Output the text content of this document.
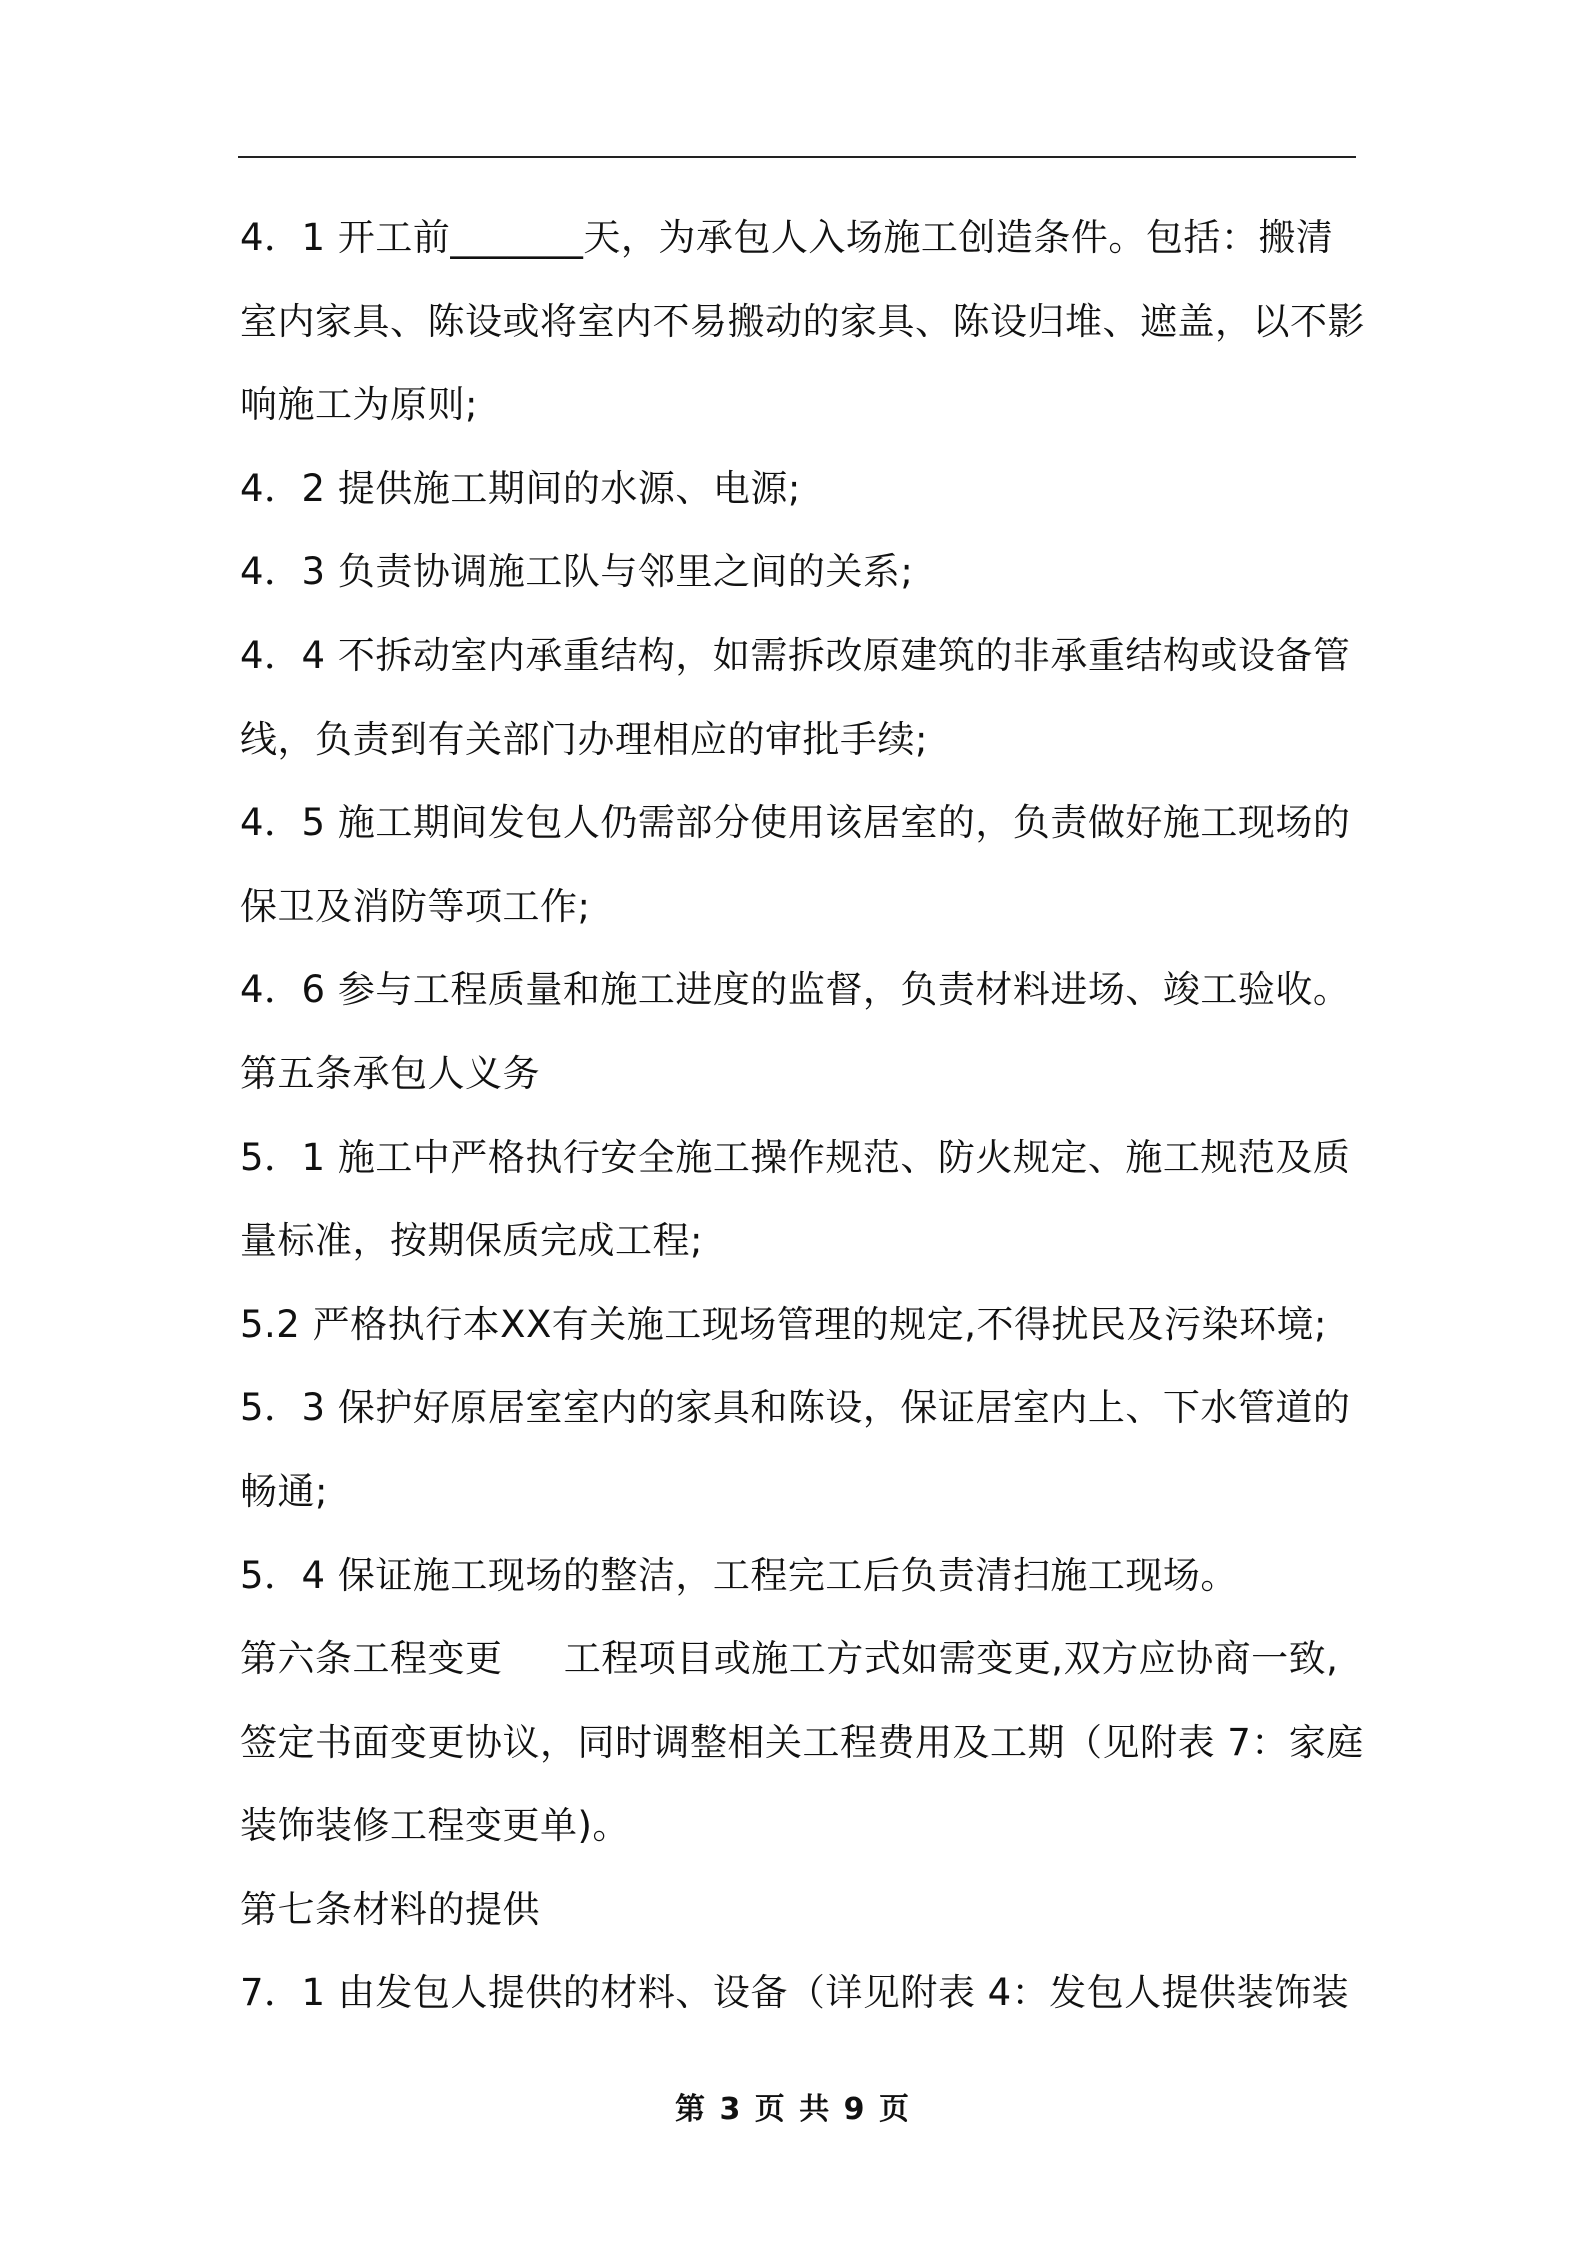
4．1 开工前_______天，为承包人入场施工创造条件。包括：搬清
室内家具、陈设或将室内不易搬动的家具、陈设归堆、遮盖，以不影
响施工为原则;
4．2 提供施工期间的水源、电源;
4．3 负责协调施工队与邻里之间的关系;
4．4 不拆动室内承重结构，如需拆改原建筑的非承重结构或设备管
线，负责到有关部门办理相应的审批手续;
4．5 施工期间发包人仍需部分使用该居室的，负责做好施工现场的
保卫及消防等项工作;
4．6 参与工程质量和施工进度的监督，负责材料进场、竣工验收。
第五条承包人义务
5．1 施工中严格执行安全施工操作规范、防火规定、施工规范及质
量标准，按期保质完成工程;
5.2 严格执行本XX有关施工现场管理的规定,不得扰民及污染环境;
5．3 保护好原居室室内的家具和陈设，保证居室内上、下水管道的
畅通;
5．4 保证施工现场的整洁，工程完工后负责清扫施工现场。
第六条工程变更     工程项目或施工方式如需变更,双方应协商一致,
签定书面变更协议，同时调整相关工程费用及工期（见附表 7：家庭
装饰装修工程变更单)。
第七条材料的提供
7．1 由发包人提供的材料、设备（详见附表 4：发包人提供装饰装
第 3 页 共 9 页
